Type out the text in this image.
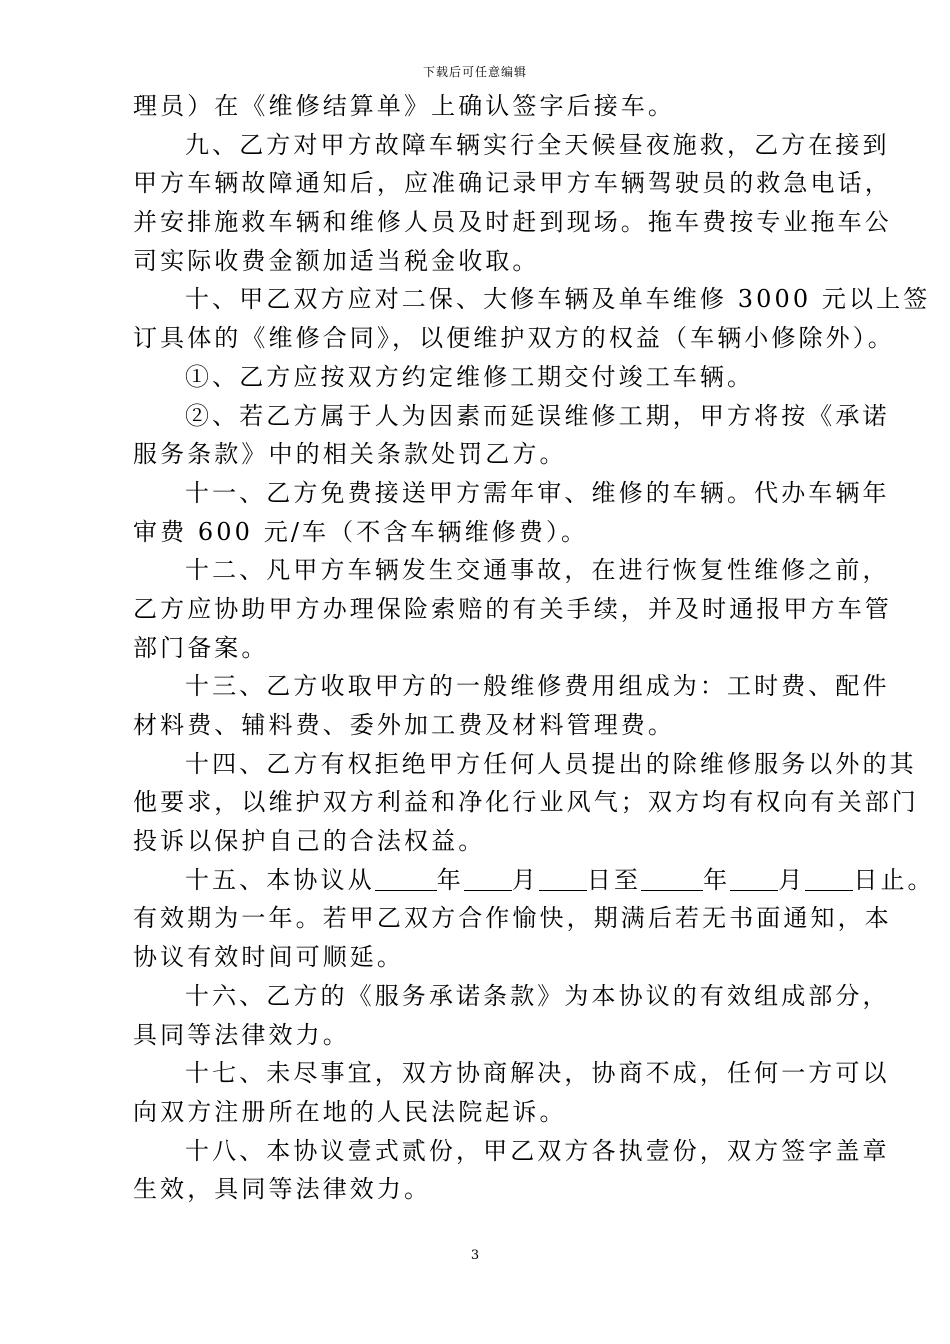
下载后可任意编辑
理员）在《维修结算单》上确认签字后接车。
九、乙方对甲方故障车辆实行全天候昼夜施救，乙方在接到
甲方车辆故障通知后，应准确记录甲方车辆驾驶员的救急电话，
并安排施救车辆和维修人员及时赶到现场。拖车费按专业拖车公
司实际收费金额加适当税金收取。
十、甲乙双方应对二保、大修车辆及单车维修 3000 元以上签
订具体的《维修合同》，以便维护双方的权益（车辆小修除外）。
①、乙方应按双方约定维修工期交付竣工车辆。
②、若乙方属于人为因素而延误维修工期，甲方将按《承诺
服务条款》中的相关条款处罚乙方。
十一、乙方免费接送甲方需年审、维修的车辆。代办车辆年
审费 600 元/车（不含车辆维修费）。
十二、凡甲方车辆发生交通事故，在进行恢复性维修之前，
乙方应协助甲方办理保险索赔的有关手续，并及时通报甲方车管
部门备案。
十三、乙方收取甲方的一般维修费用组成为：工时费、配件
材料费、辅料费、委外加工费及材料管理费。
十四、乙方有权拒绝甲方任何人员提出的除维修服务以外的其
他要求，以维护双方利益和净化行业风气；双方均有权向有关部门
投诉以保护自己的合法权益。
十五、本协议从	年 月 日至	年 月 日止。
有效期为一年。若甲乙双方合作愉快，期满后若无书面通知，本
协议有效时间可顺延。
十六、乙方的《服务承诺条款》为本协议的有效组成部分，
具同等法律效力。
十七、未尽事宜，双方协商解决，协商不成，任何一方可以
向双方注册所在地的人民法院起诉。
十八、本协议壹式贰份，甲乙双方各执壹份，双方签字盖章
生效，具同等法律效力。
3
